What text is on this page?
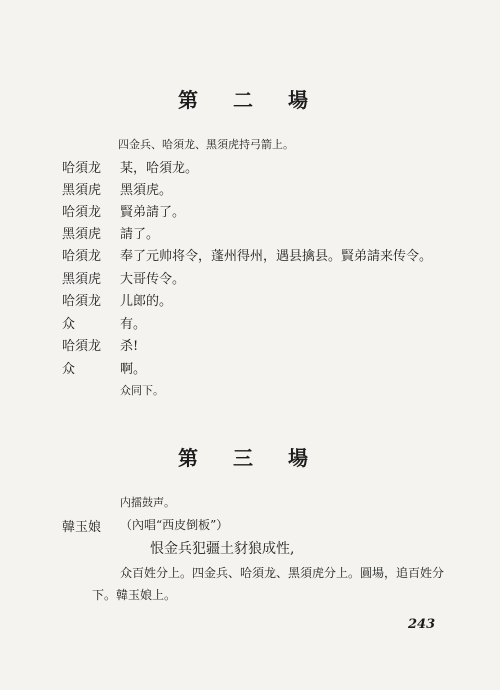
第 二 場
四金兵、哈須龙、黑須虎持弓箭上。
哈須龙	某，哈須龙。
黑須虎	黑須虎。
哈須龙	賢弟請了。
黑須虎	請了。
哈須龙	奉了元帅将令，蓬州得州，遇县擒县。賢弟請来传令。
黑須虎	大哥传令。
哈須龙	儿郎的。
众	有。
哈須龙	杀!
众	啊。
众同下。
第 三 場
内擂鼓声。
韓玉娘	（內唱“西皮倒板”）
恨金兵犯疆土豺狼成性,
众百姓分上。四金兵、哈須龙、黑須虎分上。圓場，追百姓分
下。韓玉娘上。
243
